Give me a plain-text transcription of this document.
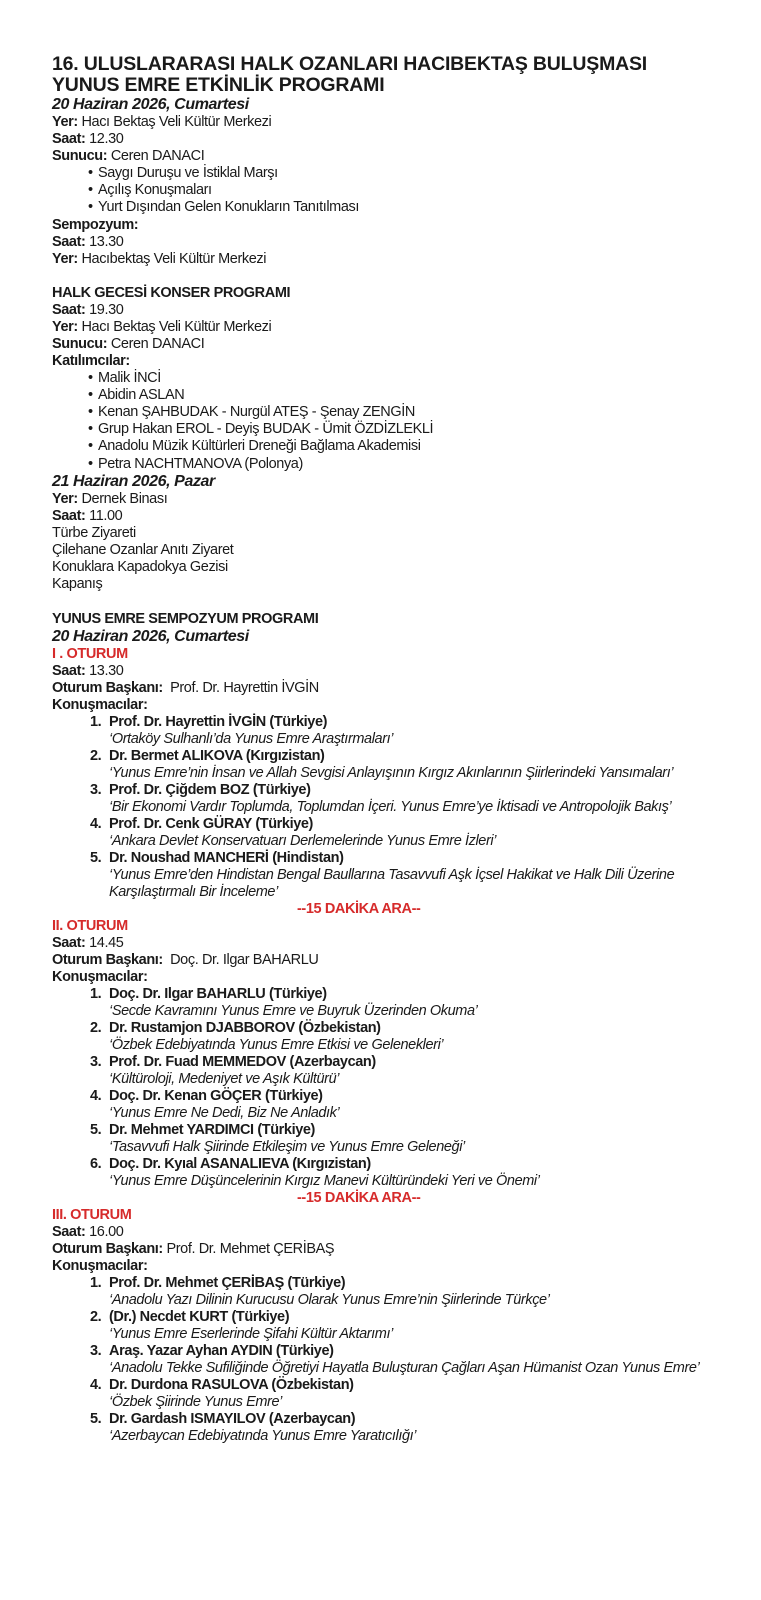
16. ULUSLARARASI HALK OZANLARI HACIBEKTAŞ BULUŞMASI
YUNUS EMRE ETKİNLİK PROGRAMI
20 Haziran 2026, Cumartesi
Yer: Hacı Bektaş Veli Kültür Merkezi
Saat: 12.30
Sunucu: Ceren DANACI
• Saygı Duruşu ve İstiklal Marşı
• Açılış Konuşmaları
• Yurt Dışından Gelen Konukların Tanıtılması
Sempozyum:
Saat: 13.30
Yer: Hacıbektaş Veli Kültür Merkezi
HALK GECESİ KONSER PROGRAMI
Saat: 19.30
Yer: Hacı Bektaş Veli Kültür Merkezi
Sunucu: Ceren DANACI
Katılımcılar:
• Malik İNCİ
• Abidin ASLAN
• Kenan ŞAHBUDAK - Nurgül ATEŞ - Şenay ZENGİN
• Grup Hakan EROL - Deyiş BUDAK - Ümit ÖZDİZLEKLİ
• Anadolu Müzik Kültürleri Dreneği Bağlama Akademisi
• Petra NACHTMANOVA (Polonya)
21 Haziran 2026, Pazar
Yer: Dernek Binası
Saat: 11.00
Türbe Ziyareti
Çilehane Ozanlar Anıtı Ziyaret
Konuklara Kapadokya Gezisi
Kapanış
YUNUS EMRE SEMPOZYUM PROGRAMI
20 Haziran 2026, Cumartesi
I . OTURUM
Saat: 13.30
Oturum Başkanı: Prof. Dr. Hayrettin İVGİN
Konuşmacılar:
1. Prof. Dr. Hayrettin İVGİN (Türkiye)
‘Ortaköy Sulhanlı’da Yunus Emre Araştırmaları’
2. Dr. Bermet ALIKOVA (Kırgızistan)
‘Yunus Emre’nin İnsan ve Allah Sevgisi Anlayışının Kırgız Akınlarının Şiirlerindeki Yansımaları’
3. Prof. Dr. Çiğdem BOZ (Türkiye)
‘Bir Ekonomi Vardır Toplumda, Toplumdan İçeri. Yunus Emre’ye İktisadi ve Antropolojik Bakış’
4. Prof. Dr. Cenk GÜRAY (Türkiye)
‘Ankara Devlet Konservatuarı Derlemelerinde Yunus Emre İzleri’
5. Dr. Noushad MANCHERİ (Hindistan)
‘Yunus Emre’den Hindistan Bengal Baullarına Tasavvufi Aşk İçsel Hakikat ve Halk Dili Üzerine Karşılaştırmalı Bir İnceleme’
--15 DAKİKA ARA--
II. OTURUM
Saat: 14.45
Oturum Başkanı: Doç. Dr. Ilgar BAHARLU
Konuşmacılar:
1. Doç. Dr. Ilgar BAHARLU (Türkiye)
‘Secde Kavramını Yunus Emre ve Buyruk Üzerinden Okuma’
2. Dr. Rustamjon DJABBOROV (Özbekistan)
‘Özbek Edebiyatında Yunus Emre Etkisi ve Gelenekleri’
3. Prof. Dr. Fuad MEMMEDOV (Azerbaycan)
‘Kültüroloji, Medeniyet ve Aşık Kültürü’
4. Doç. Dr. Kenan GÖÇER (Türkiye)
‘Yunus Emre Ne Dedi, Biz Ne Anladık’
5. Dr. Mehmet YARDIMCI (Türkiye)
‘Tasavvufi Halk Şiirinde Etkileşim ve Yunus Emre Geleneği’
6. Doç. Dr. Kyıal ASANALIEVA (Kırgızistan)
‘Yunus Emre Düşüncelerinin Kırgız Manevi Kültüründeki Yeri ve Önemi’
--15 DAKİKA ARA--
III. OTURUM
Saat: 16.00
Oturum Başkanı: Prof. Dr. Mehmet ÇERİBAŞ
Konuşmacılar:
1. Prof. Dr. Mehmet ÇERİBAŞ (Türkiye)
‘Anadolu Yazı Dilinin Kurucusu Olarak Yunus Emre’nin Şiirlerinde Türkçe’
2. (Dr.) Necdet KURT (Türkiye)
‘Yunus Emre Eserlerinde Şifahi Kültür Aktarımı’
3. Araş. Yazar Ayhan AYDIN (Türkiye)
‘Anadolu Tekke Sufiliğinde Öğretiyi Hayatla Buluşturan Çağları Aşan Hümanist Ozan Yunus Emre’
4. Dr. Durdona RASULOVA (Özbekistan)
‘Özbek Şiirinde Yunus Emre’
5. Dr. Gardash ISMAYILOV (Azerbaycan)
‘Azerbaycan Edebiyatında Yunus Emre Yaratıcılığı’
